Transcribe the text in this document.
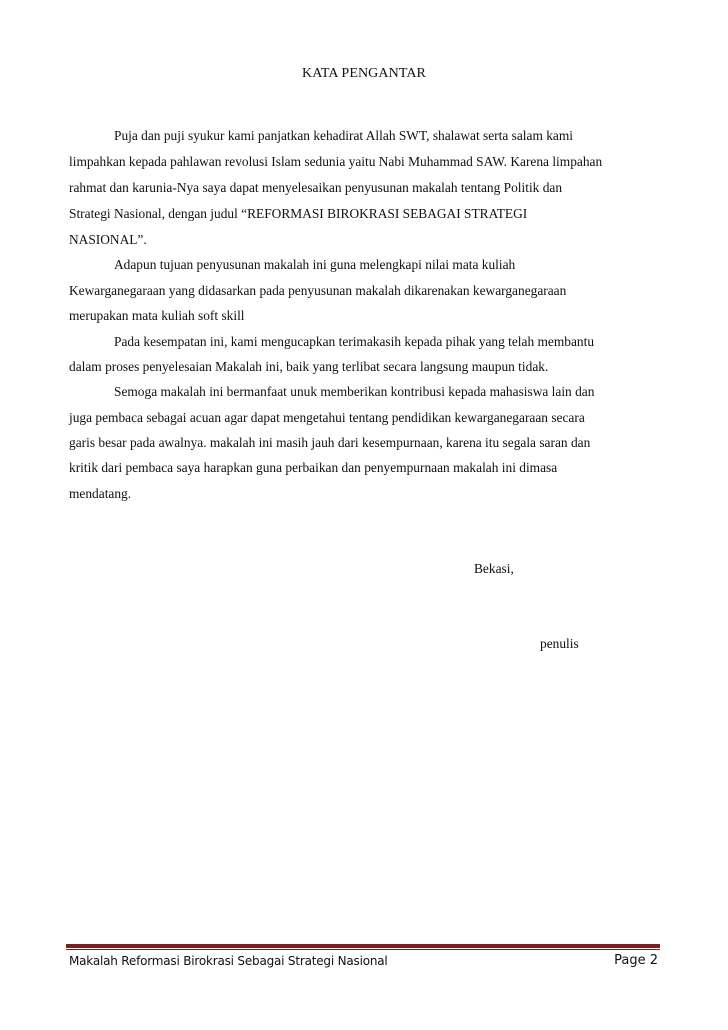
KATA PENGANTAR
Puja dan puji syukur kami panjatkan kehadirat Allah SWT, shalawat serta salam kami
limpahkan kepada pahlawan revolusi Islam sedunia yaitu Nabi Muhammad SAW. Karena limpahan
rahmat dan karunia-Nya saya dapat menyelesaikan penyusunan makalah tentang Politik dan
Strategi Nasional, dengan judul “REFORMASI BIROKRASI SEBAGAI STRATEGI
NASIONAL”.
Adapun tujuan penyusunan makalah ini guna melengkapi nilai mata kuliah
Kewarganegaraan yang didasarkan pada penyusunan makalah dikarenakan kewarganegaraan
merupakan mata kuliah soft skill
Pada kesempatan ini, kami mengucapkan terimakasih kepada pihak yang telah membantu
dalam proses penyelesaian Makalah ini, baik yang terlibat secara langsung maupun tidak.
Semoga makalah ini bermanfaat unuk memberikan kontribusi kepada mahasiswa lain dan
juga pembaca sebagai acuan agar dapat mengetahui tentang pendidikan kewarganegaraan secara
garis besar pada awalnya. makalah ini masih jauh dari kesempurnaan, karena itu segala saran dan
kritik dari pembaca saya harapkan guna perbaikan dan penyempurnaan makalah ini dimasa
mendatang.
Bekasi,
penulis
Makalah Reformasi Birokrasi Sebagai Strategi Nasional	Page 2
